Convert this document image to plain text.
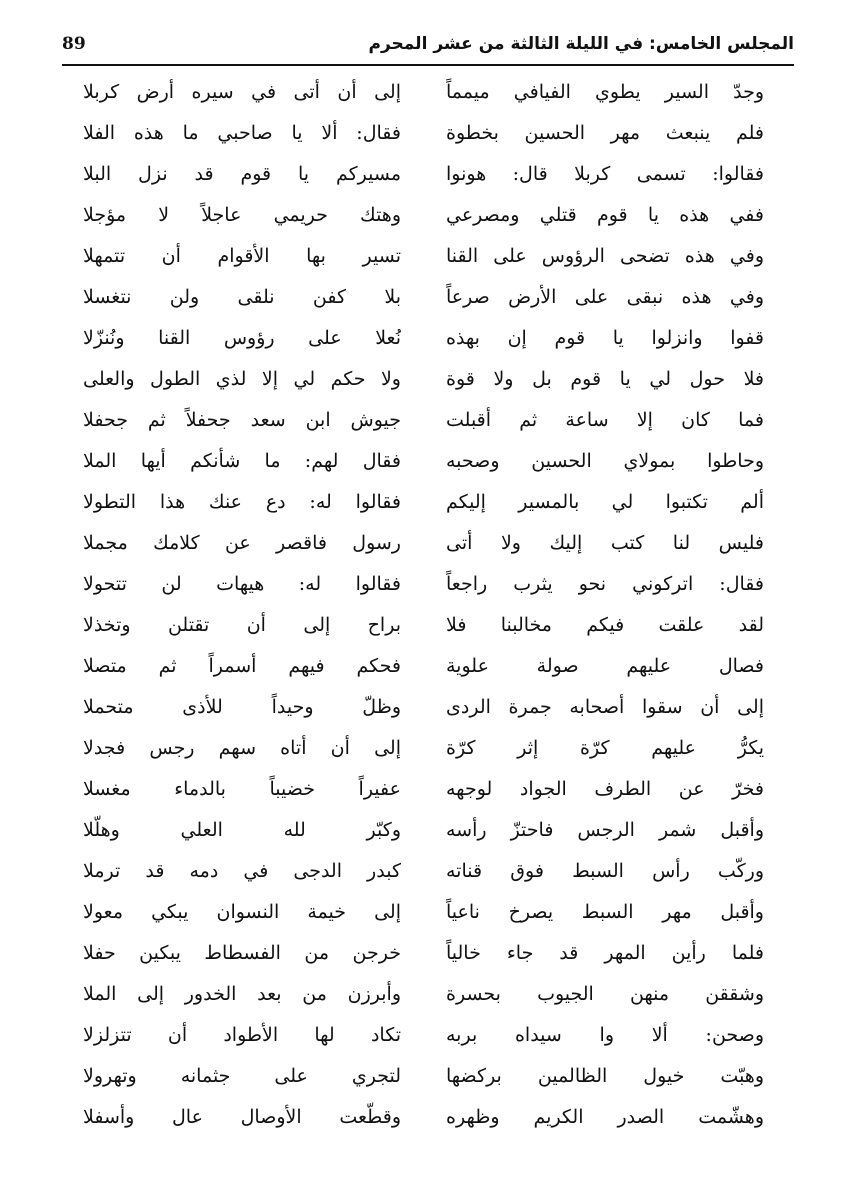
المجلس الخامس: في الليلة الثالثة من عشر المحرم
89
وجدّ السير يطوي الفيافي ميمماً
فلم ينبعث مهر الحسين بخطوة
فقالوا: تسمى كربلا قال: هونوا
ففي هذه يا قوم قتلي ومصرعي
وفي هذه تضحى الرؤوس على القنا
وفي هذه نبقى على الأرض صرعاً
قفوا وانزلوا يا قوم إن بهذه
فلا حول لي يا قوم بل ولا قوة
فما كان إلا ساعة ثم أقبلت
وحاطوا بمولاي الحسين وصحبه
ألم تكتبوا لي بالمسير إليكم
فليس لنا كتب إليك ولا أتى
فقال: اتركوني نحو يثرب راجعاً
لقد علقت فيكم مخالبنا فلا
فصال عليهم صولة علوية
إلى أن سقوا أصحابه جمرة الردى
يكرُّ عليهم كرّة إثر كرّة
فخرّ عن الطرف الجواد لوجهه
وأقبل شمر الرجس فاحتزّ رأسه
وركّب رأس السبط فوق قناته
وأقبل مهر السبط يصرخ ناعياً
فلما رأين المهر قد جاء خالياً
وشققن منهن الجيوب بحسرة
وصحن: ألا وا سيداه بربه
وهبّت خيول الظالمين بركضها
وهشّمت الصدر الكريم وظهره
إلى أن أتى في سيره أرض كربلا
فقال: ألا يا صاحبي ما هذه الفلا
مسيركم يا قوم قد نزل البلا
وهتك حريمي عاجلاً لا مؤجلا
تسير بها الأقوام أن تتمهلا
بلا كفن نلقى ولن نتغسلا
نُعلا على رؤوس القنا ونُنزّلا
ولا حكم لي إلا لذي الطول والعلى
جيوش ابن سعد جحفلاً ثم جحفلا
فقال لهم: ما شأنكم أيها الملا
فقالوا له: دع عنك هذا التطولا
رسول فاقصر عن كلامك مجملا
فقالوا له: هيهات لن تتحولا
براح إلى أن تقتلن وتخذلا
فحكم فيهم أسمراً ثم متصلا
وظلّ وحيداً للأذى متحملا
إلى أن أتاه سهم رجس فجدلا
عفيراً خضيباً بالدماء مغسلا
وكبّر لله العلي وهلّلا
كبدر الدجى في دمه قد ترملا
إلى خيمة النسوان يبكي معولا
خرجن من الفسطاط يبكين حفلا
وأبرزن من بعد الخدور إلى الملا
تكاد لها الأطواد أن تتزلزلا
لتجري على جثمانه وتهرولا
وقطّعت الأوصال عال وأسفلا
